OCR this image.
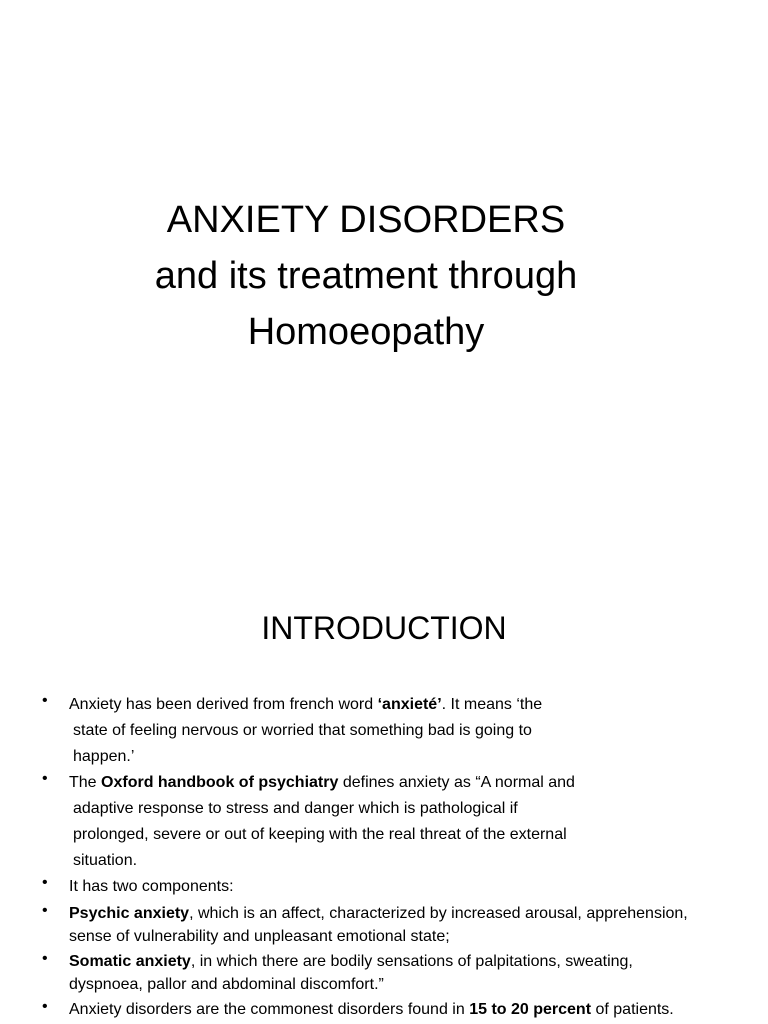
ANXIETY DISORDERS
and its treatment through
Homoeopathy
INTRODUCTION
• Anxiety has been derived from french word ‘anxieté’. It means ‘the
state of feeling nervous or worried that something bad is going to
happen.’
• The Oxford handbook of psychiatry defines anxiety as “A normal and
adaptive response to stress and danger which is pathological if
prolonged, severe or out of keeping with the real threat of the external
situation.
• It has two components:
• Psychic anxiety, which is an affect, characterized by increased arousal, apprehension,
sense of vulnerability and unpleasant emotional state;
• Somatic anxiety, in which there are bodily sensations of palpitations, sweating,
dyspnoea, pallor and abdominal discomfort.”
• Anxiety disorders are the commonest disorders found in 15 to 20 percent of patients.
